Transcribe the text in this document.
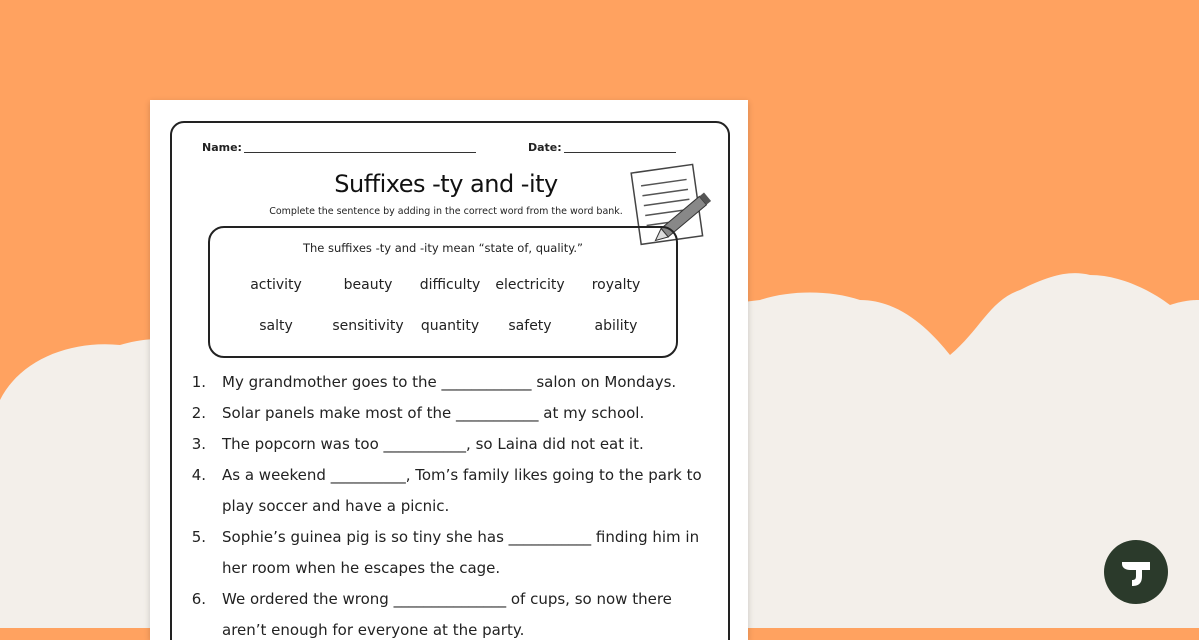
Name:	Date:
Suffixes -ty and -ity
Complete the sentence by adding in the correct word from the word bank.
The suffixes -ty and -ity mean “state of, quality.”
activity	beauty	difficulty	electricity	royalty
salty	sensitivity	quantity	safety	ability
1. My grandmother goes to the ____________ salon on Mondays.
2. Solar panels make most of the ___________ at my school.
3. The popcorn was too ___________, so Laina did not eat it.
4. As a weekend __________, Tom’s family likes going to the park to
play soccer and have a picnic.
5. Sophie’s guinea pig is so tiny she has ___________ finding him in
her room when he escapes the cage.
6. We ordered the wrong _______________ of cups, so now there
aren’t enough for everyone at the party.
